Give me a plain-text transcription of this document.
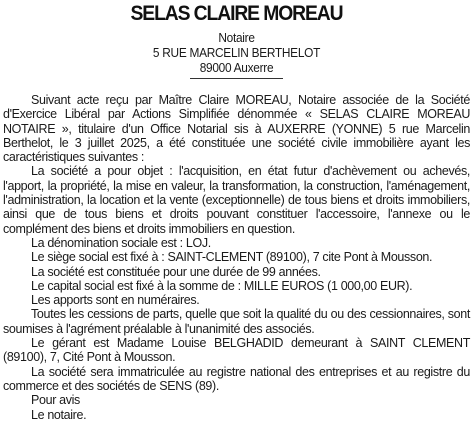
SELAS CLAIRE MOREAU
Notaire
5 RUE MARCELIN BERTHELOT
89000 Auxerre

Suivant acte reçu par Maître Claire MOREAU, Notaire associée de la Société d'Exercice Libéral par Actions Simplifiée dénommée « SELAS CLAIRE MOREAU NOTAIRE », titulaire d'un Office Notarial sis à AUXERRE (YONNE) 5 rue Marcelin Berthelot, le 3 juillet 2025, a été constituée une société civile immobilière ayant les caractéristiques suivantes :

La société a pour objet : l'acquisition, en état futur d'achèvement ou achevés, l'apport, la propriété, la mise en valeur, la transformation, la construction, l'aménagement, l'administration, la location et la vente (exceptionnelle) de tous biens et droits immobiliers, ainsi que de tous biens et droits pouvant constituer l'accessoire, l'annexe ou le complément des biens et droits immobiliers en question.

La dénomination sociale est : LOJ.

Le siège social est fixé à : SAINT-CLEMENT (89100), 7 cite Pont à Mousson.

La société est constituée pour une durée de 99 années.

Le capital social est fixé à la somme de : MILLE EUROS (1 000,00 EUR).

Les apports sont en numéraires.

Toutes les cessions de parts, quelle que soit la qualité du ou des cessionnaires, sont soumises à l'agrément préalable à l'unanimité des associés.

Le gérant est Madame Louise BELGHADID demeurant à SAINT CLEMENT (89100), 7, Cité Pont à Mousson.

La société sera immatriculée au registre national des entreprises et au registre du commerce et des sociétés de SENS (89).

Pour avis

Le notaire.
